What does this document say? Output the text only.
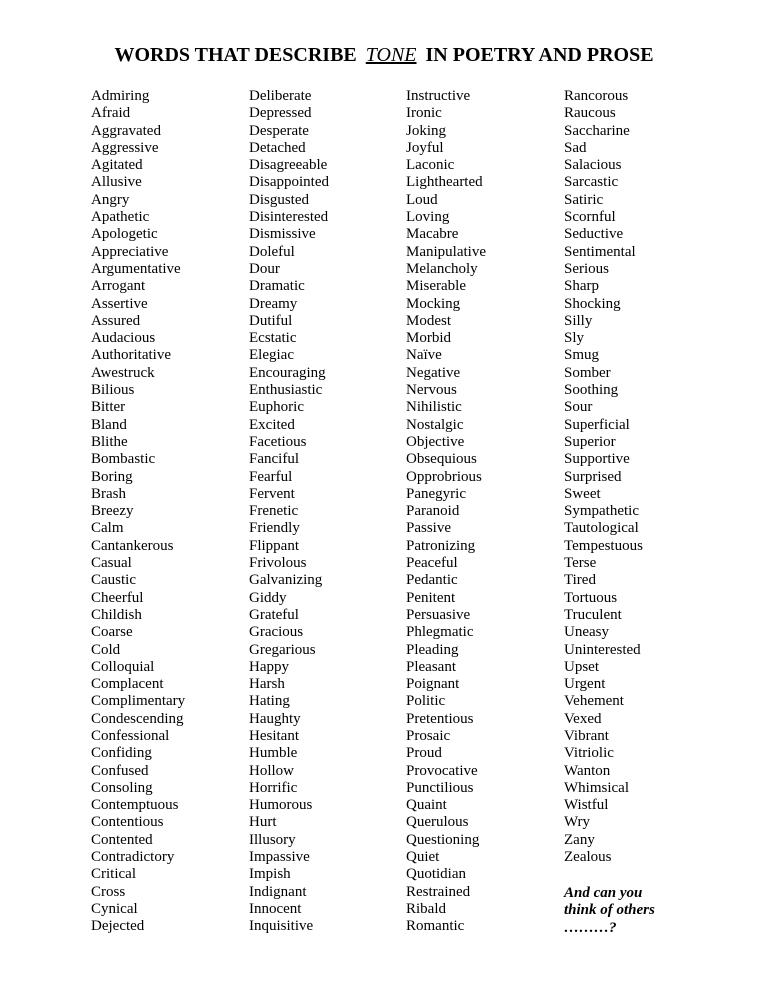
WORDS THAT DESCRIBE TONE IN POETRY AND PROSE
Admiring
Afraid
Aggravated
Aggressive
Agitated
Allusive
Angry
Apathetic
Apologetic
Appreciative
Argumentative
Arrogant
Assertive
Assured
Audacious
Authoritative
Awestruck
Bilious
Bitter
Bland
Blithe
Bombastic
Boring
Brash
Breezy
Calm
Cantankerous
Casual
Caustic
Cheerful
Childish
Coarse
Cold
Colloquial
Complacent
Complimentary
Condescending
Confessional
Confiding
Confused
Consoling
Contemptuous
Contentious
Contented
Contradictory
Critical
Cross
Cynical
Dejected
Deliberate
Depressed
Desperate
Detached
Disagreeable
Disappointed
Disgusted
Disinterested
Dismissive
Doleful
Dour
Dramatic
Dreamy
Dutiful
Ecstatic
Elegiac
Encouraging
Enthusiastic
Euphoric
Excited
Facetious
Fanciful
Fearful
Fervent
Frenetic
Friendly
Flippant
Frivolous
Galvanizing
Giddy
Grateful
Gracious
Gregarious
Happy
Harsh
Hating
Haughty
Hesitant
Humble
Hollow
Horrific
Humorous
Hurt
Illusory
Impassive
Impish
Indignant
Innocent
Inquisitive
Instructive
Ironic
Joking
Joyful
Laconic
Lighthearted
Loud
Loving
Macabre
Manipulative
Melancholy
Miserable
Mocking
Modest
Morbid
Naïve
Negative
Nervous
Nihilistic
Nostalgic
Objective
Obsequious
Opprobrious
Panegyric
Paranoid
Passive
Patronizing
Peaceful
Pedantic
Penitent
Persuasive
Phlegmatic
Pleading
Pleasant
Poignant
Politic
Pretentious
Prosaic
Proud
Provocative
Punctilious
Quaint
Querulous
Questioning
Quiet
Quotidian
Restrained
Ribald
Romantic
Rancorous
Raucous
Saccharine
Sad
Salacious
Sarcastic
Satiric
Scornful
Seductive
Sentimental
Serious
Sharp
Shocking
Silly
Sly
Smug
Somber
Soothing
Sour
Superficial
Superior
Supportive
Surprised
Sweet
Sympathetic
Tautological
Tempestuous
Terse
Tired
Tortuous
Truculent
Uneasy
Uninterested
Upset
Urgent
Vehement
Vexed
Vibrant
Vitriolic
Wanton
Whimsical
Wistful
Wry
Zany
Zealous
And can you
think of others
………?
